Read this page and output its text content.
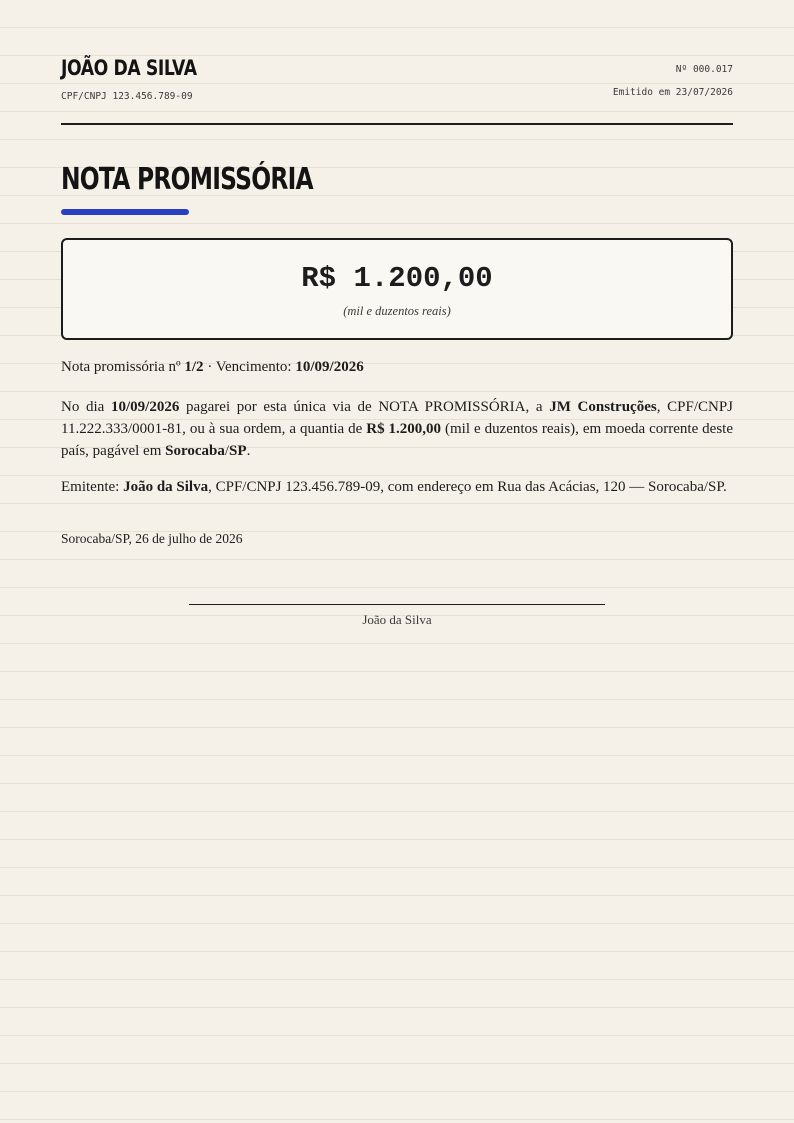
JOÃO DA SILVA
CPF/CNPJ 123.456.789-09
Nº 000.017
Emitido em 23/07/2026
NOTA PROMISSÓRIA
R$ 1.200,00
(mil e duzentos reais)
Nota promissória nº 1/2 · Vencimento: 10/09/2026
No dia 10/09/2026 pagarei por esta única via de NOTA PROMISSÓRIA, a JM Construções, CPF/CNPJ 11.222.333/0001-81, ou à sua ordem, a quantia de R$ 1.200,00 (mil e duzentos reais), em moeda corrente deste país, pagável em Sorocaba/SP.
Emitente: João da Silva, CPF/CNPJ 123.456.789-09, com endereço em Rua das Acácias, 120 — Sorocaba/SP.
Sorocaba/SP, 26 de julho de 2026
João da Silva
